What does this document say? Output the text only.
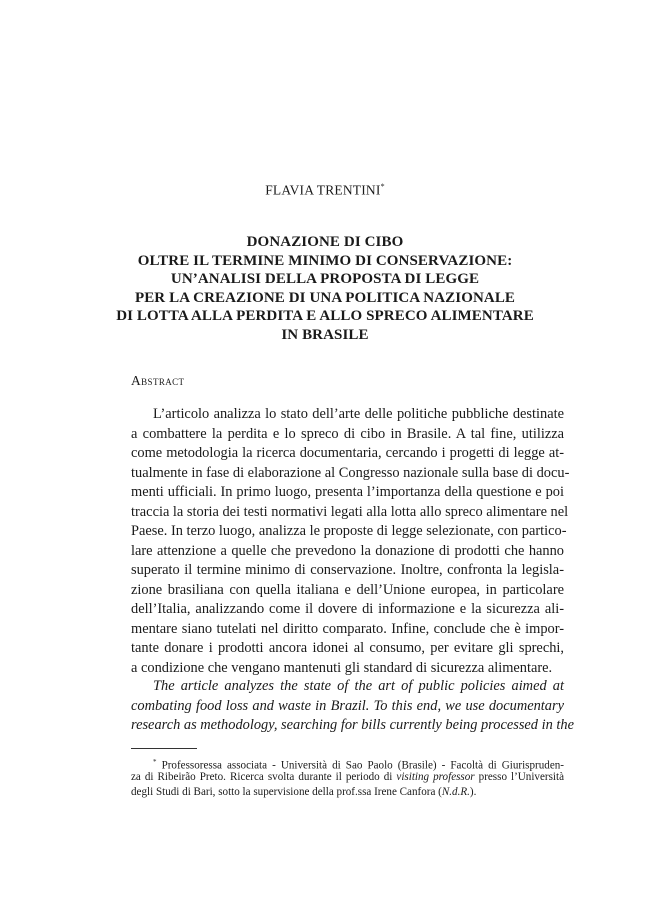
FLAVIA TRENTINI*
DONAZIONE DI CIBO
OLTRE IL TERMINE MINIMO DI CONSERVAZIONE:
UN’ANALISI DELLA PROPOSTA DI LEGGE
PER LA CREAZIONE DI UNA POLITICA NAZIONALE
DI LOTTA ALLA PERDITA E ALLO SPRECO ALIMENTARE
IN BRASILE
Abstract
L’articolo analizza lo stato dell’arte delle politiche pubbliche destinate
a combattere la perdita e lo spreco di cibo in Brasile. A tal fine, utilizza
come metodologia la ricerca documentaria, cercando i progetti di legge at-
tualmente in fase di elaborazione al Congresso nazionale sulla base di docu-
menti ufficiali. In primo luogo, presenta l’importanza della questione e poi
traccia la storia dei testi normativi legati alla lotta allo spreco alimentare nel
Paese. In terzo luogo, analizza le proposte di legge selezionate, con partico-
lare attenzione a quelle che prevedono la donazione di prodotti che hanno
superato il termine minimo di conservazione. Inoltre, confronta la legisla-
zione brasiliana con quella italiana e dell’Unione europea, in particolare
dell’Italia, analizzando come il dovere di informazione e la sicurezza ali-
mentare siano tutelati nel diritto comparato. Infine, conclude che è impor-
tante donare i prodotti ancora idonei al consumo, per evitare gli sprechi,
a condizione che vengano mantenuti gli standard di sicurezza alimentare.
The article analyzes the state of the art of public policies aimed at
combating food loss and waste in Brazil. To this end, we use documentary
research as methodology, searching for bills currently being processed in the
* Professoressa associata - Università di Sao Paolo (Brasile) - Facoltà di Giurispruden-
za di Ribeirão Preto. Ricerca svolta durante il periodo di visiting professor presso l’Università
degli Studi di Bari, sotto la supervisione della prof.ssa Irene Canfora (N.d.R.).
